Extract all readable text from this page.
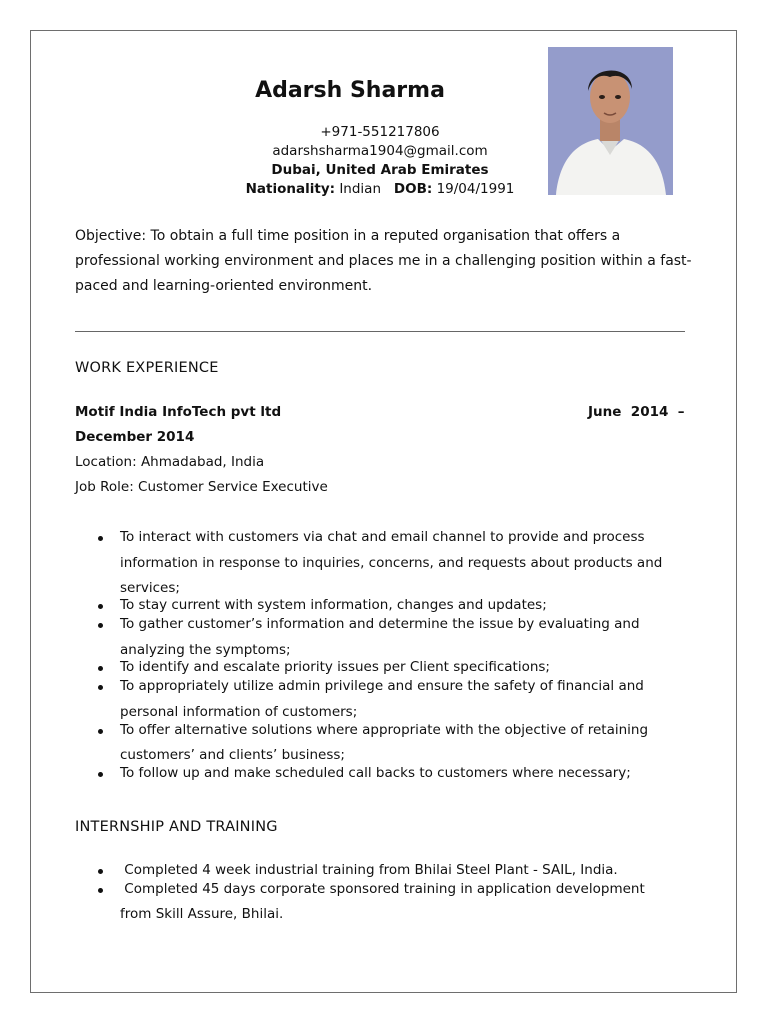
Adarsh Sharma
+971-551217806
adarshsharma1904@gmail.com
Dubai, United Arab Emirates
Nationality: Indian DOB: 19/04/1991

Objective: To obtain a full time position in a reputed organisation that offers a

professional working environment and places me in a challenging position within a fast-

paced and learning-oriented environment.

WORK EXPERIENCE
Motif India InfoTech pvt ltd	June  2014  –
December 2014
Location: Ahmadabad, India
Job Role: Customer Service Executive
To interact with customers via chat and email channel to provide and process
information in response to inquiries, concerns, and requests about products and
services;
To stay current with system information, changes and updates;
To gather customer’s information and determine the issue by evaluating and
analyzing the symptoms;
To identify and escalate priority issues per Client specifications;
To appropriately utilize admin privilege and ensure the safety of financial and
personal information of customers;
To offer alternative solutions where appropriate with the objective of retaining
customers’ and clients’ business;
To follow up and make scheduled call backs to customers where necessary;
INTERNSHIP AND TRAINING
Completed 4 week industrial training from Bhilai Steel Plant - SAIL, India.
Completed 45 days corporate sponsored training in application development
from Skill Assure, Bhilai.
